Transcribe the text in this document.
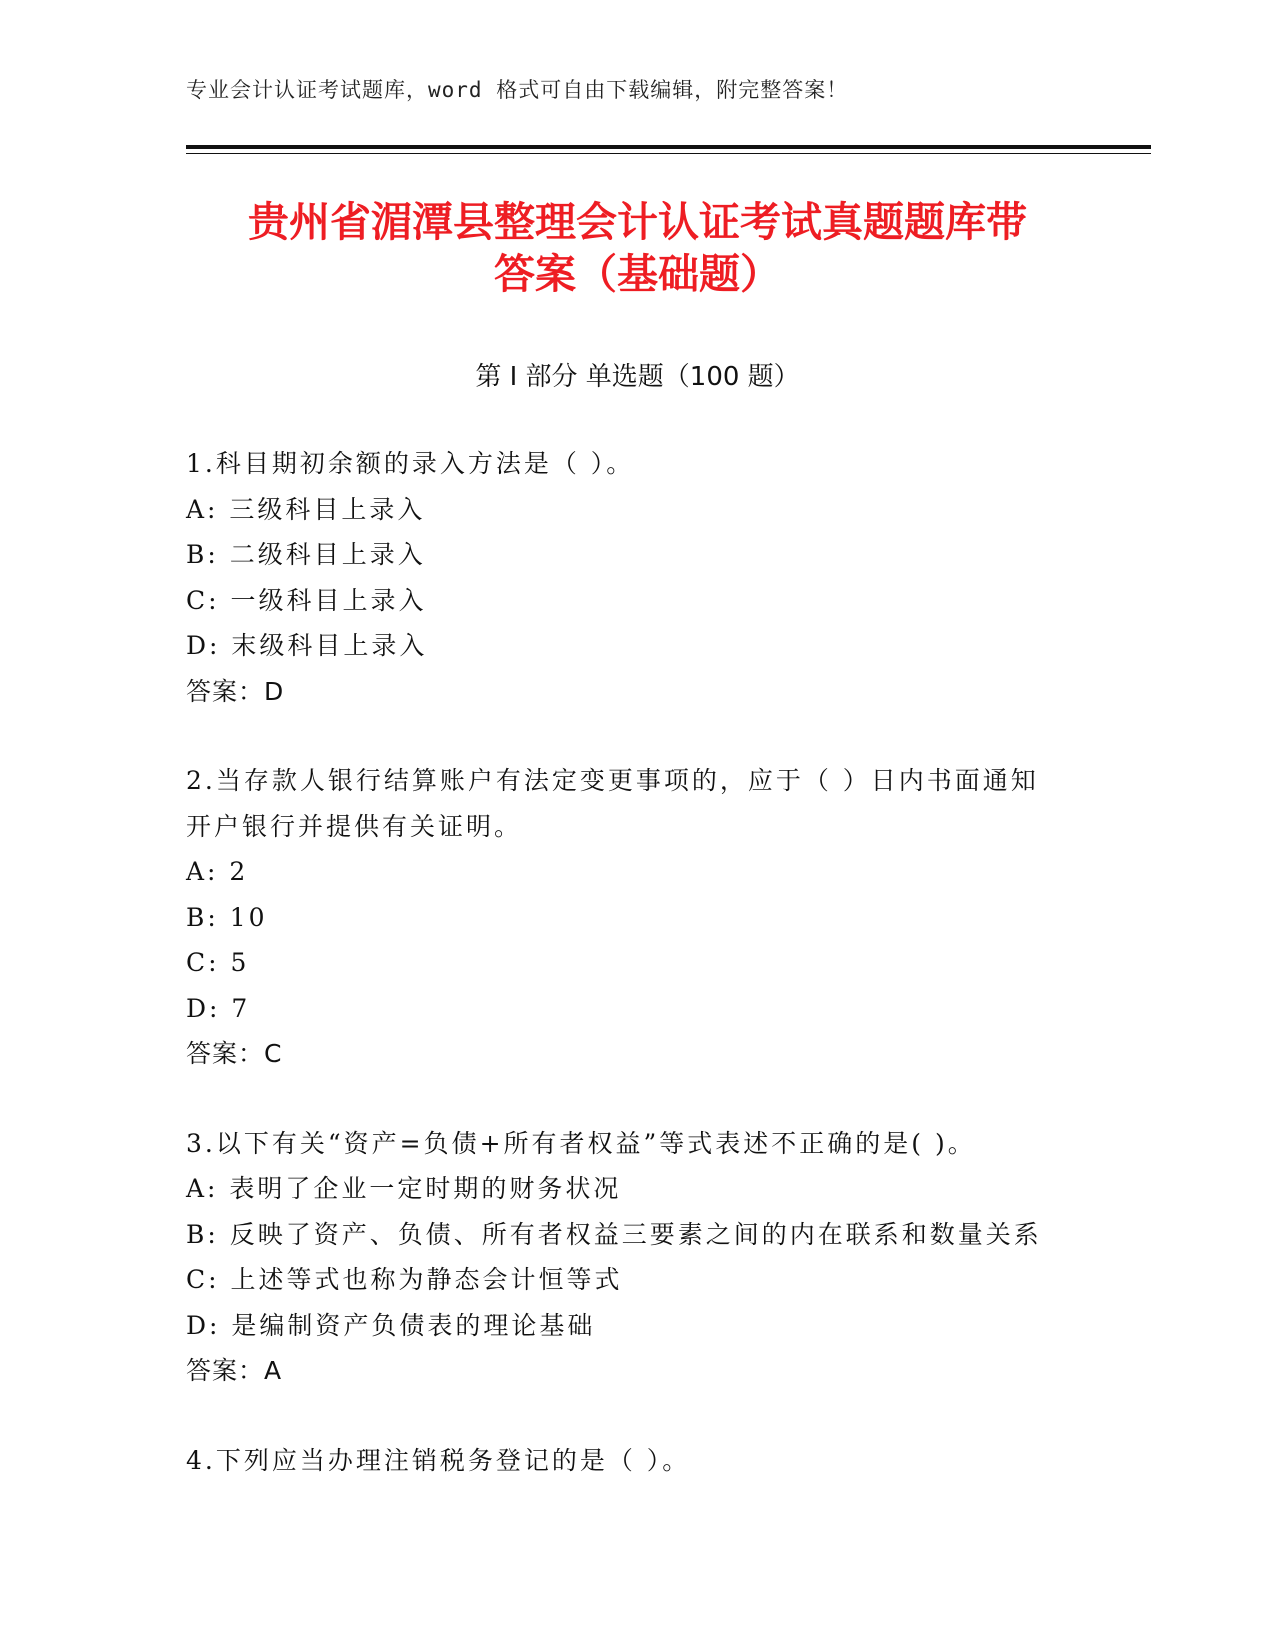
专业会计认证考试题库，word 格式可自由下载编辑，附完整答案！
贵州省湄潭县整理会计认证考试真题题库带
答案（基础题）
第 I 部分 单选题（100 题）
1.科目期初余额的录入方法是（ ）。
A: 三级科目上录入
B: 二级科目上录入
C: 一级科目上录入
D: 末级科目上录入
答案：D
2.当存款人银行结算账户有法定变更事项的，应于（ ）日内书面通知开户银行并提供有关证明。
A: 2
B: 10
C: 5
D: 7
答案：C
3.以下有关“资产=负债+所有者权益”等式表述不正确的是( )。
A: 表明了企业一定时期的财务状况
B: 反映了资产、负债、所有者权益三要素之间的内在联系和数量关系
C: 上述等式也称为静态会计恒等式
D: 是编制资产负债表的理论基础
答案：A
4.下列应当办理注销税务登记的是（ ）。
